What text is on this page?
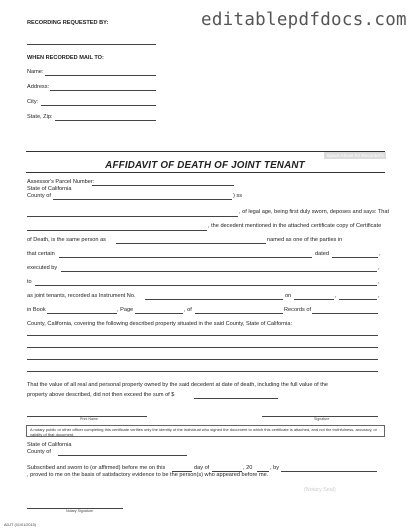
RECORDING REQUESTED BY:	editablepdfdocs.com
WHEN RECORDED MAIL TO:
Name:
Address:
City:
State, Zip:
Space Above for Recorder's Use Only
AFFIDAVIT OF DEATH OF JOINT TENANT
Assessor's Parcel Number:
State of California
County of	) ss
, of legal age, being first duly sworn, deposes and says: That
, the decedent mentioned in the attached certificate copy of Certificate
of Death, is the same person as	named as one of the parties in
that certain	dated	,
executed by	,
to	,
as joint tenants, recorded as Instrument No.	on	,	,
in Book	, Page	, of	Records of
County, California, covering the following described property situated in the said County, State of California:
That the value of all real and personal property owned by the said decedent at date of death, including the full value of the
property above described, did not then exceed the sum of $
Print Name	Signature
A notary public or other officer completing this certificate verifies only the identity of the individual who signed the document to which this certificate is attached, and not the truthfulness, accuracy, or validity of that document.
State of California
County of
Subscribed and sworn to (or affirmed) before me on this	day of	, 20	, by
, proved to me on the basis of satisfactory evidence to be the person(s) who appeared before me.
(Notary Seal)
Notary Signature
ADJT (01/01/2015)
